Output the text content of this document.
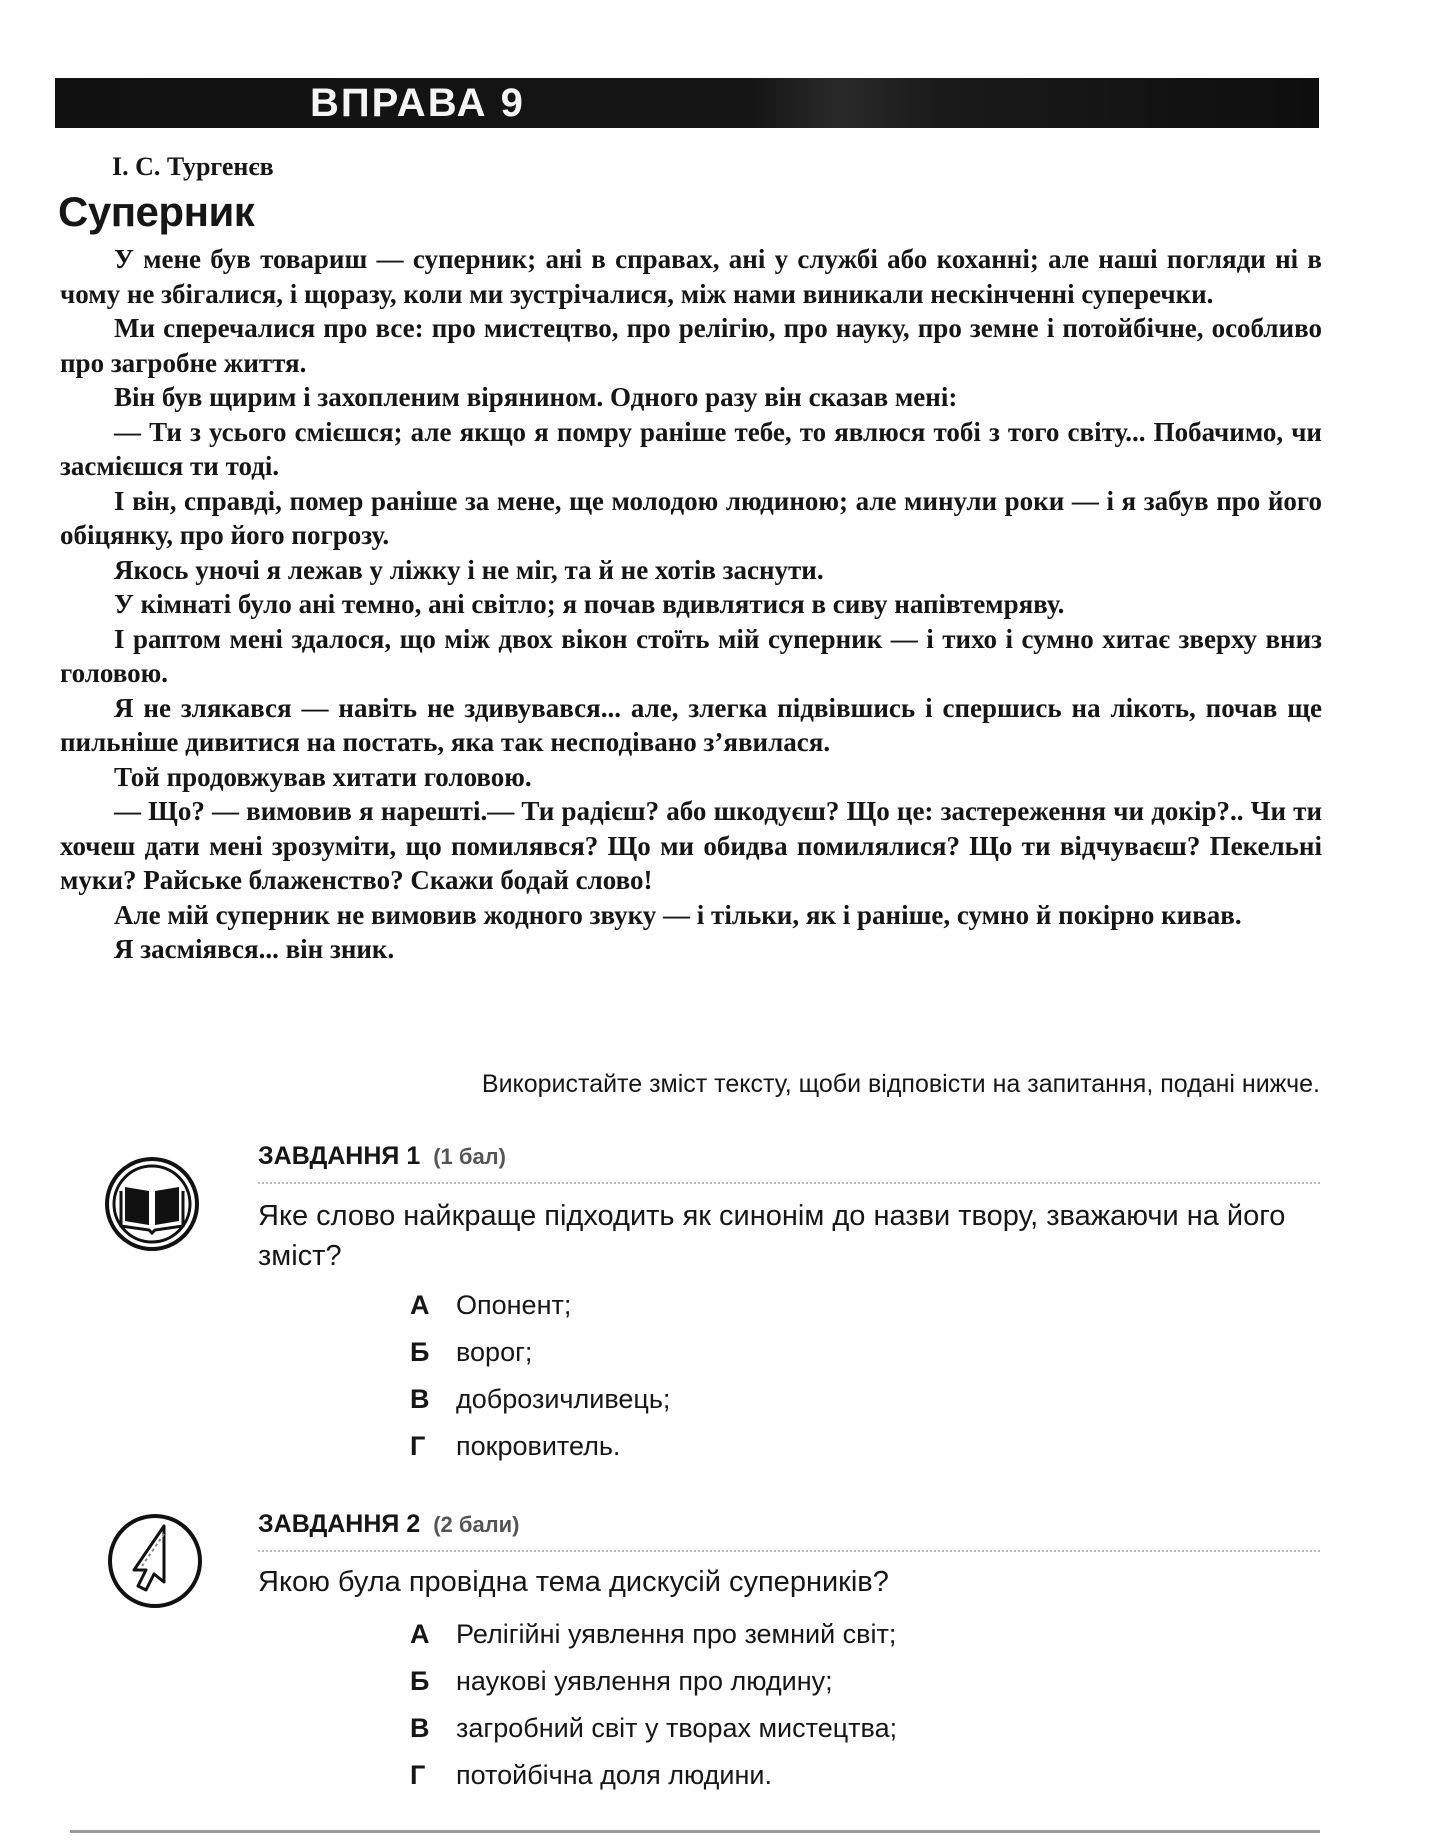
ВПРАВА 9
І. С. Тургенєв
Суперник

У мене був товариш — суперник; ані в справах, ані у службі або коханні; але наші погляди ні в чому не збігалися, і щоразу, коли ми зустрічалися, між нами виникали нескінченні суперечки.

Ми сперечалися про все: про мистецтво, про релігію, про науку, про земне і потойбічне, особливо про загробне життя.

Він був щирим і захопленим вірянином. Одного разу він сказав мені:

— Ти з усього смієшся; але якщо я помру раніше тебе, то явлюся тобі з того світу... Побачимо, чи засмієшся ти тоді.

І він, справді, помер раніше за мене, ще молодою людиною; але минули роки — і я забув про його обіцянку, про його погрозу.

Якось уночі я лежав у ліжку і не міг, та й не хотів заснути.

У кімнаті було ані темно, ані світло; я почав вдивлятися в сиву напівтемряву.

І раптом мені здалося, що між двох вікон стоїть мій суперник — і тихо і сумно хитає зверху вниз головою.

Я не злякався — навіть не здивувався... але, злегка підвівшись і спершись на лікоть, почав ще пильніше дивитися на постать, яка так несподівано з’явилася.

Той продовжував хитати головою.

— Що? — вимовив я нарешті.— Ти радієш? або шкодуєш? Що це: застереження чи докір?.. Чи ти хочеш дати мені зрозуміти, що помилявся? Що ми обидва помилялися? Що ти відчуваєш? Пекельні муки? Райське блаженство? Скажи бодай слово!

Але мій суперник не вимовив жодного звуку — і тільки, як і раніше, сумно й покірно кивав.

Я засміявся... він зник.

Використайте зміст тексту, щоби відповісти на запитання, подані нижче.
ЗАВДАННЯ 1 (1 бал)
Яке слово найкраще підходить як синонім до назви твору, зважаючи на його зміст?
А Опонент;
Б ворог;
В доброзичливець;
Г	покровитель.
ЗАВДАННЯ 2 (2 бали)
Якою була провідна тема дискусій суперників?
А Релігійні уявлення про земний світ;
Б наукові уявлення про людину;
В загробний світ у творах мистецтва;
Г	потойбічна доля людини.
